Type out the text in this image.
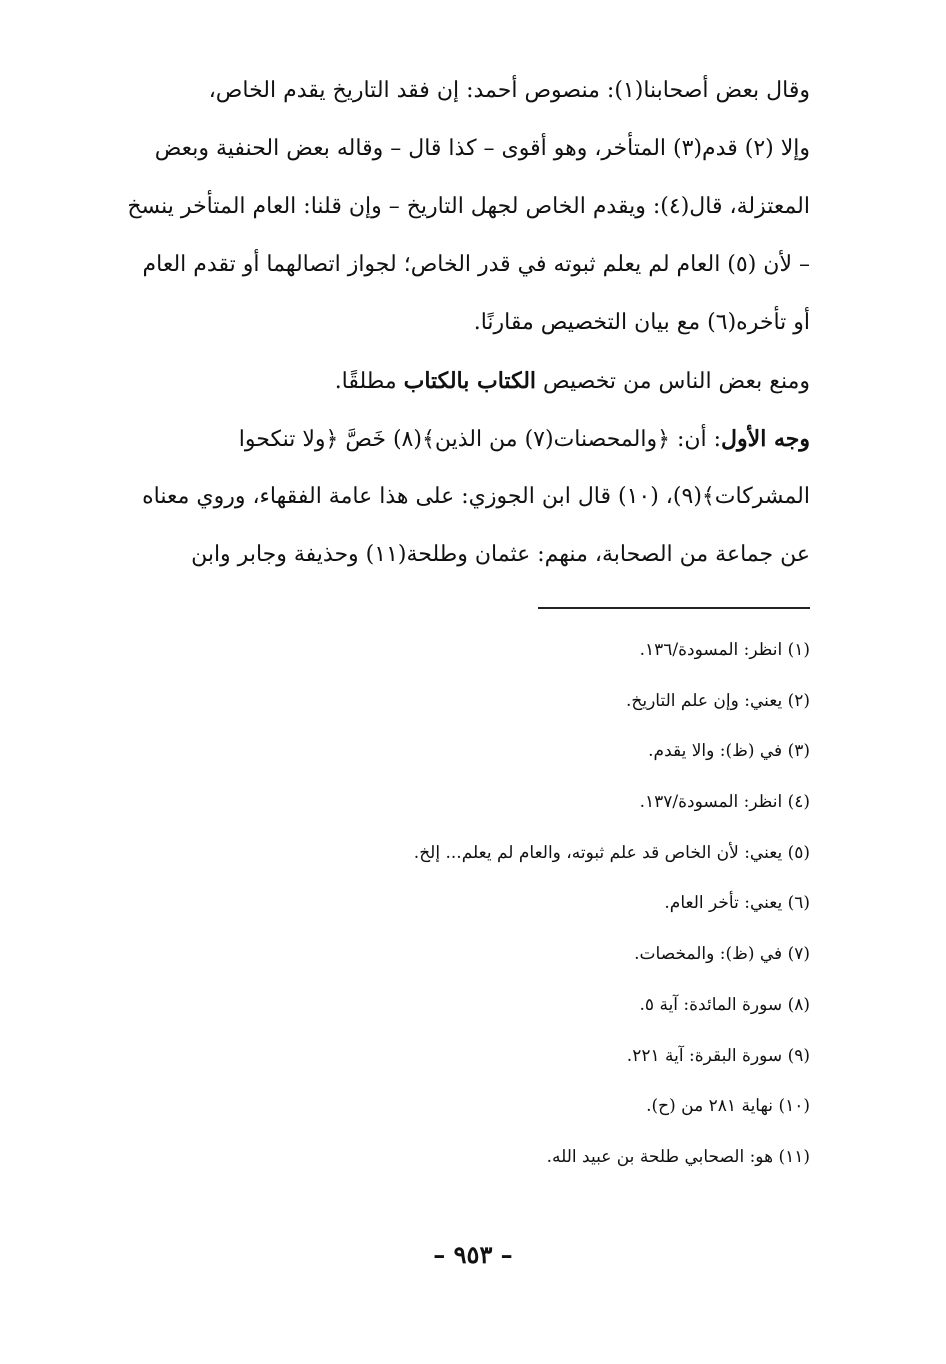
وقال بعض أصحابنا(١): منصوص أحمد: إن فقد التاريخ يقدم الخاص،
وإلا (٢) قدم(٣) المتأخر، وهو أقوى – كذا قال – وقاله بعض الحنفية وبعض
المعتزلة، قال(٤): ويقدم الخاص لجهل التاريخ – وإن قلنا: العام المتأخر ينسخ
– لأن (٥) العام لم يعلم ثبوته في قدر الخاص؛ لجواز اتصالهما أو تقدم العام
أو تأخره(٦) مع بيان التخصيص مقارنًا.
ومنع بعض الناس من تخصيص الكتاب بالكتاب مطلقًا.
وجه الأول: أن: ﴿والمحصنات(٧) من الذين﴾(٨) خَصَّ ﴿ولا تنكحوا
المشركات﴾(٩)، (١٠) قال ابن الجوزي: على هذا عامة الفقهاء، وروي معناه
عن جماعة من الصحابة، منهم: عثمان وطلحة(١١) وحذيفة وجابر وابن
(١) انظر: المسودة/١٣٦.
(٢) يعني: وإن علم التاريخ.
(٣) في (ظ): والا يقدم.
(٤) انظر: المسودة/١٣٧.
(٥) يعني: لأن الخاص قد علم ثبوته، والعام لم يعلم... إلخ.
(٦) يعني: تأخر العام.
(٧) في (ظ): والمخصات.
(٨) سورة المائدة: آية ٥.
(٩) سورة البقرة: آية ٢٢١.
(١٠) نهاية ٢٨١ من (ح).
(١١) هو: الصحابي طلحة بن عبيد الله.
– ٩٥٣ –
